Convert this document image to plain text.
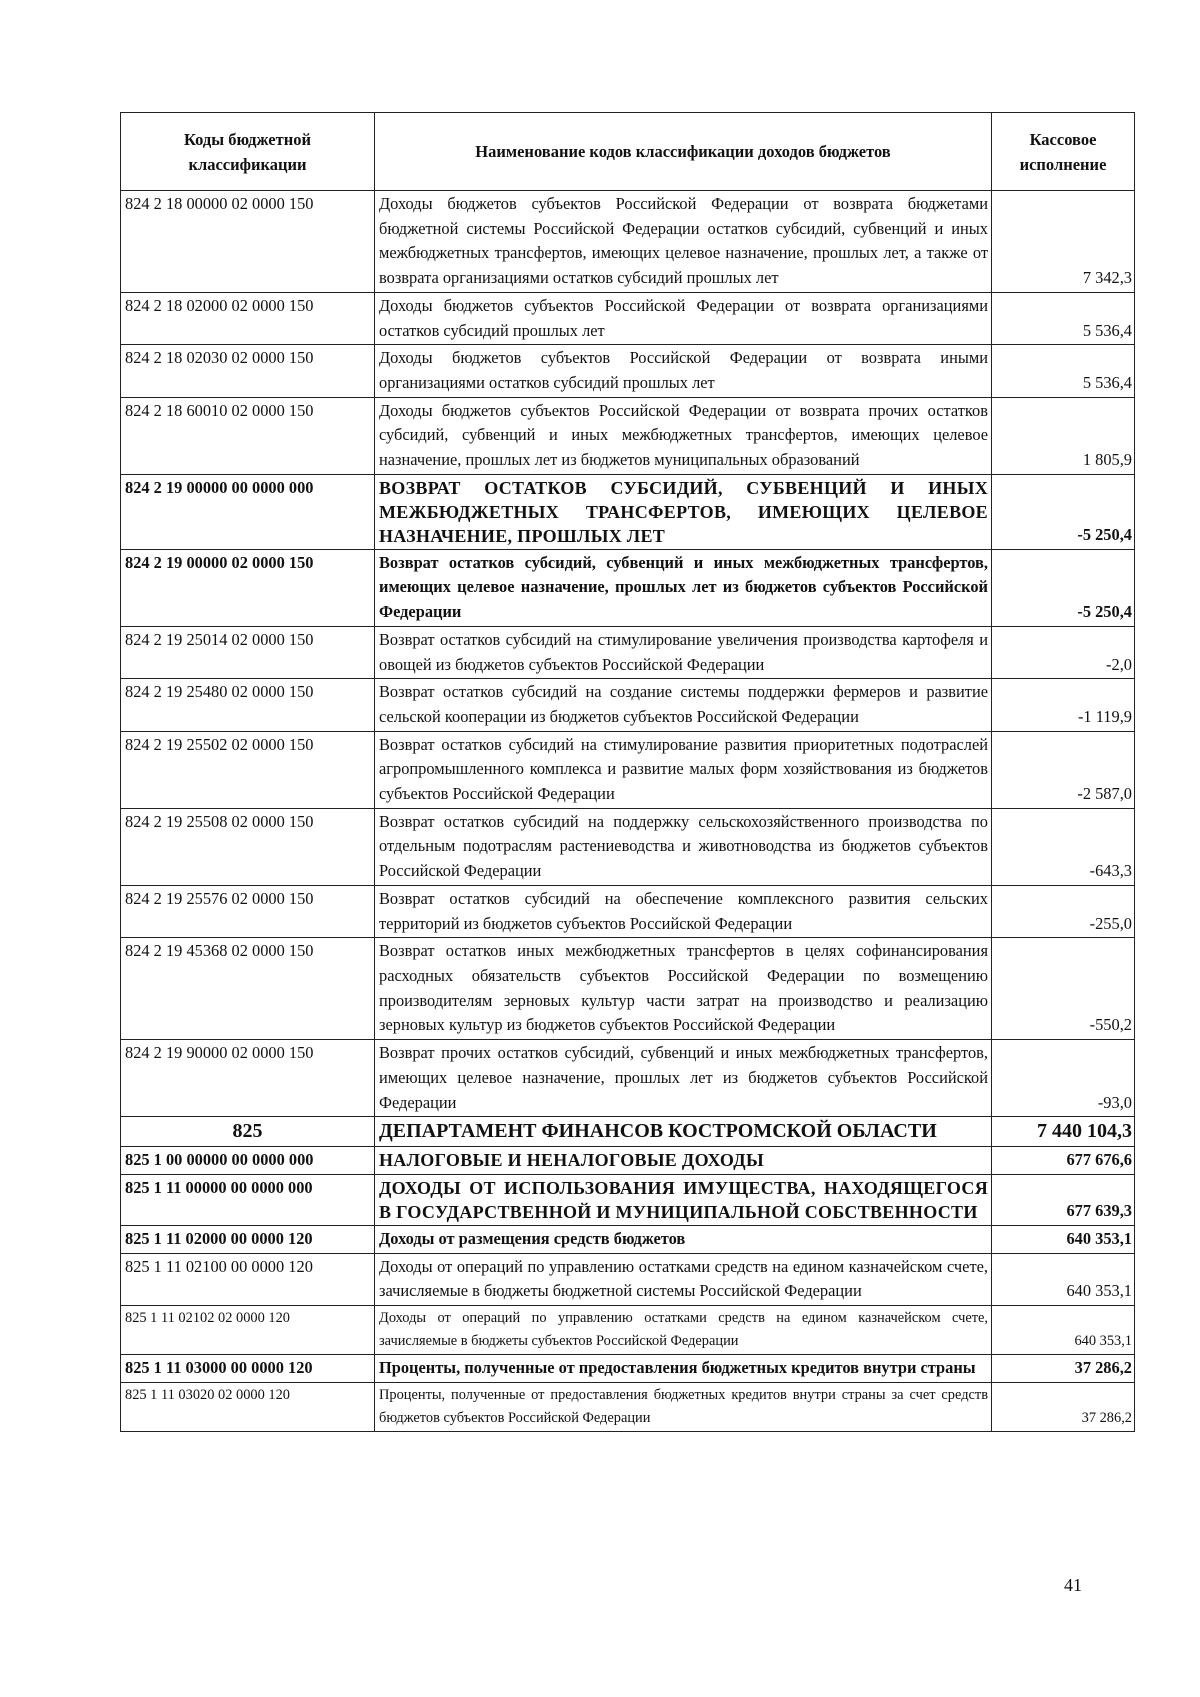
Коды бюджетной классификации	Наименование кодов классификации доходов бюджетов	Кассовое исполнение
824 2 18 00000 02 0000 150	Доходы бюджетов субъектов Российской Федерации от возврата бюджетами бюджетной системы Российской Федерации остатков субсидий, субвенций и иных межбюджетных трансфертов, имеющих целевое назначение, прошлых лет, а также от возврата организациями остатков субсидий прошлых лет	7 342,3
824 2 18 02000 02 0000 150	Доходы бюджетов субъектов Российской Федерации от возврата организациями остатков субсидий прошлых лет	5 536,4
824 2 18 02030 02 0000 150	Доходы бюджетов субъектов Российской Федерации от возврата иными организациями остатков субсидий прошлых лет	5 536,4
824 2 18 60010 02 0000 150	Доходы бюджетов субъектов Российской Федерации от возврата прочих остатков субсидий, субвенций и иных межбюджетных трансфертов, имеющих целевое назначение, прошлых лет из бюджетов муниципальных образований	1 805,9
824 2 19 00000 00 0000 000	ВОЗВРАТ ОСТАТКОВ СУБСИДИЙ, СУБВЕНЦИЙ И ИНЫХ МЕЖБЮДЖЕТНЫХ ТРАНСФЕРТОВ, ИМЕЮЩИХ ЦЕЛЕВОЕ НАЗНАЧЕНИЕ, ПРОШЛЫХ ЛЕТ	-5 250,4
824 2 19 00000 02 0000 150	Возврат остатков субсидий, субвенций и иных межбюджетных трансфертов, имеющих целевое назначение, прошлых лет из бюджетов субъектов Российской Федерации	-5 250,4
824 2 19 25014 02 0000 150	Возврат остатков субсидий на стимулирование увеличения производства картофеля и овощей из бюджетов субъектов Российской Федерации	-2,0
824 2 19 25480 02 0000 150	Возврат остатков субсидий на создание системы поддержки фермеров и развитие сельской кооперации из бюджетов субъектов Российской Федерации	-1 119,9
824 2 19 25502 02 0000 150	Возврат остатков субсидий на стимулирование развития приоритетных подотраслей агропромышленного комплекса и развитие малых форм хозяйствования из бюджетов субъектов Российской Федерации	-2 587,0
824 2 19 25508 02 0000 150	Возврат остатков субсидий на поддержку сельскохозяйственного производства по отдельным подотраслям растениеводства и животноводства из бюджетов субъектов Российской Федерации	-643,3
824 2 19 25576 02 0000 150	Возврат остатков субсидий на обеспечение комплексного развития сельских территорий из бюджетов субъектов Российской Федерации	-255,0
824 2 19 45368 02 0000 150	Возврат остатков иных межбюджетных трансфертов в целях софинансирования расходных обязательств субъектов Российской Федерации по возмещению производителям зерновых культур части затрат на производство и реализацию зерновых культур из бюджетов субъектов Российской Федерации	-550,2
824 2 19 90000 02 0000 150	Возврат прочих остатков субсидий, субвенций и иных межбюджетных трансфертов, имеющих целевое назначение, прошлых лет из бюджетов субъектов Российской Федерации	-93,0
825	ДЕПАРТАМЕНТ ФИНАНСОВ КОСТРОМСКОЙ ОБЛАСТИ	7 440 104,3
825 1 00 00000 00 0000 000	НАЛОГОВЫЕ И НЕНАЛОГОВЫЕ ДОХОДЫ	677 676,6
825 1 11 00000 00 0000 000	ДОХОДЫ ОТ ИСПОЛЬЗОВАНИЯ ИМУЩЕСТВА, НАХОДЯЩЕГОСЯ В ГОСУДАРСТВЕННОЙ И МУНИЦИПАЛЬНОЙ СОБСТВЕННОСТИ	677 639,3
825 1 11 02000 00 0000 120	Доходы от размещения средств бюджетов	640 353,1
825 1 11 02100 00 0000 120	Доходы от операций по управлению остатками средств на едином казначейском счете, зачисляемые в бюджеты бюджетной системы Российской Федерации	640 353,1
825 1 11 02102 02 0000 120	Доходы от операций по управлению остатками средств на едином казначейском счете, зачисляемые в бюджеты субъектов Российской Федерации	640 353,1
825 1 11 03000 00 0000 120	Проценты, полученные от предоставления бюджетных кредитов внутри страны	37 286,2
825 1 11 03020 02 0000 120	Проценты, полученные от предоставления бюджетных кредитов внутри страны за счет средств бюджетов субъектов Российской Федерации	37 286,2
41
